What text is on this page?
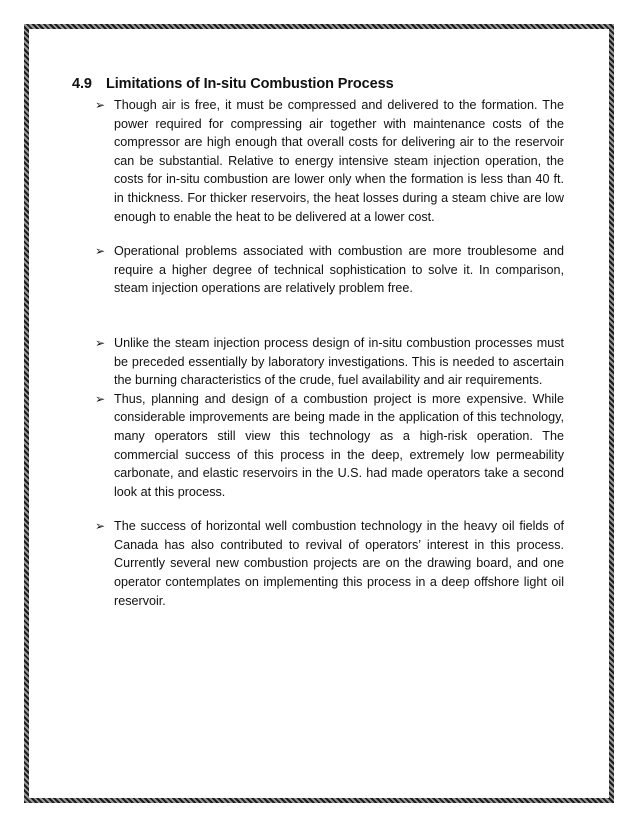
4.9 Limitations of In-situ Combustion Process
➢ Though air is free, it must be compressed and delivered to the formation. The power required for compressing air together with maintenance costs of the compressor are high enough that overall costs for delivering air to the reservoir can be substantial. Relative to energy intensive steam injection operation, the costs for in-situ combustion are lower only when the formation is less than 40 ft. in thickness. For thicker reservoirs, the heat losses during a steam chive are low enough to enable the heat to be delivered at a lower cost.
➢ Operational problems associated with combustion are more troublesome and require a higher degree of technical sophistication to solve it. In comparison, steam injection operations are relatively problem free.
➢ Unlike the steam injection process design of in-situ combustion processes must be preceded essentially by laboratory investigations. This is needed to ascertain the burning characteristics of the crude, fuel availability and air requirements.
➢ Thus, planning and design of a combustion project is more expensive. While considerable improvements are being made in the application of this technology, many operators still view this technology as a high-risk operation. The commercial success of this process in the deep, extremely low permeability carbonate, and elastic reservoirs in the U.S. had made operators take a second look at this process.
➢ The success of horizontal well combustion technology in the heavy oil fields of Canada has also contributed to revival of operators’ interest in this process. Currently several new combustion projects are on the drawing board, and one operator contemplates on implementing this process in a deep offshore light oil reservoir.
